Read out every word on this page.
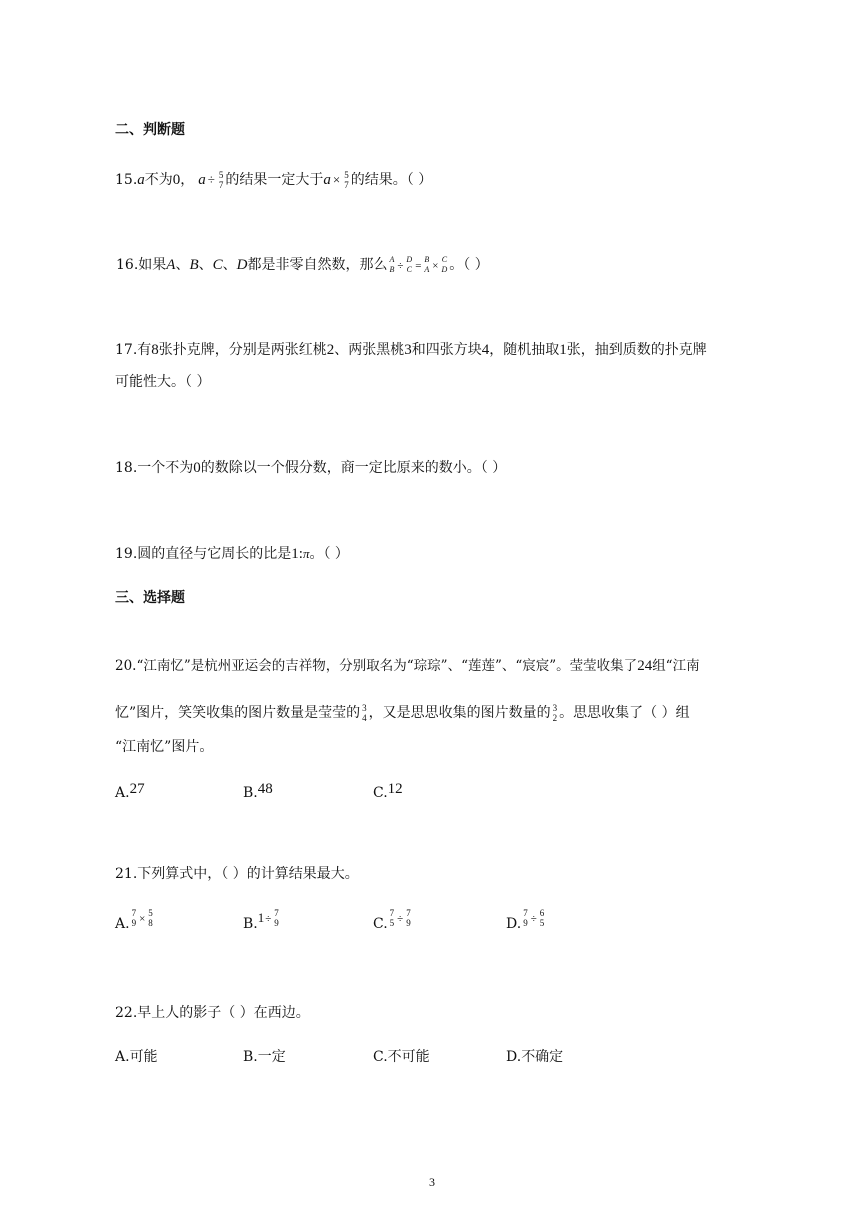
二、判断题
15.a不为0， a ÷ 5
7 的结果一定大于a × 5
7 的结果。（ ）
16.如果A、B、C、D都是非零自然数，那么 A
B ÷
D
C =
B
A ×
C
D 。（ ）
17.有8张扑克牌，分别是两张红桃2、两张黑桃3和四张方块4，随机抽取1张，抽到质数的扑克牌
可能性大。（ ）
18.一个不为0的数除以一个假分数，商一定比原来的数小。（ ）
19.圆的直径与它周长的比是1:π。（ ）
三、选择题
20.“江南忆”是杭州亚运会的吉祥物，分别取名为“琮琮”、“莲莲”、“宸宸”。莹莹收集了24组“江南
忆”图片，笑笑收集的图片数量是莹莹的 3
4 ，又是思思收集的图片数量的 3
2 。思思收集了（ ）组
“江南忆”图片。
A.27	B.48	C.12
21.下列算式中，（ ）的计算结果最大。
A.
7
9 × 5
8	B.1÷ 7
9	C.
7
5 ÷ 7
9	D.
7
9 ÷ 6
5
22.早上人的影子（ ）在西边。
A.可能	B.一定	C.不可能	D.不确定
3
